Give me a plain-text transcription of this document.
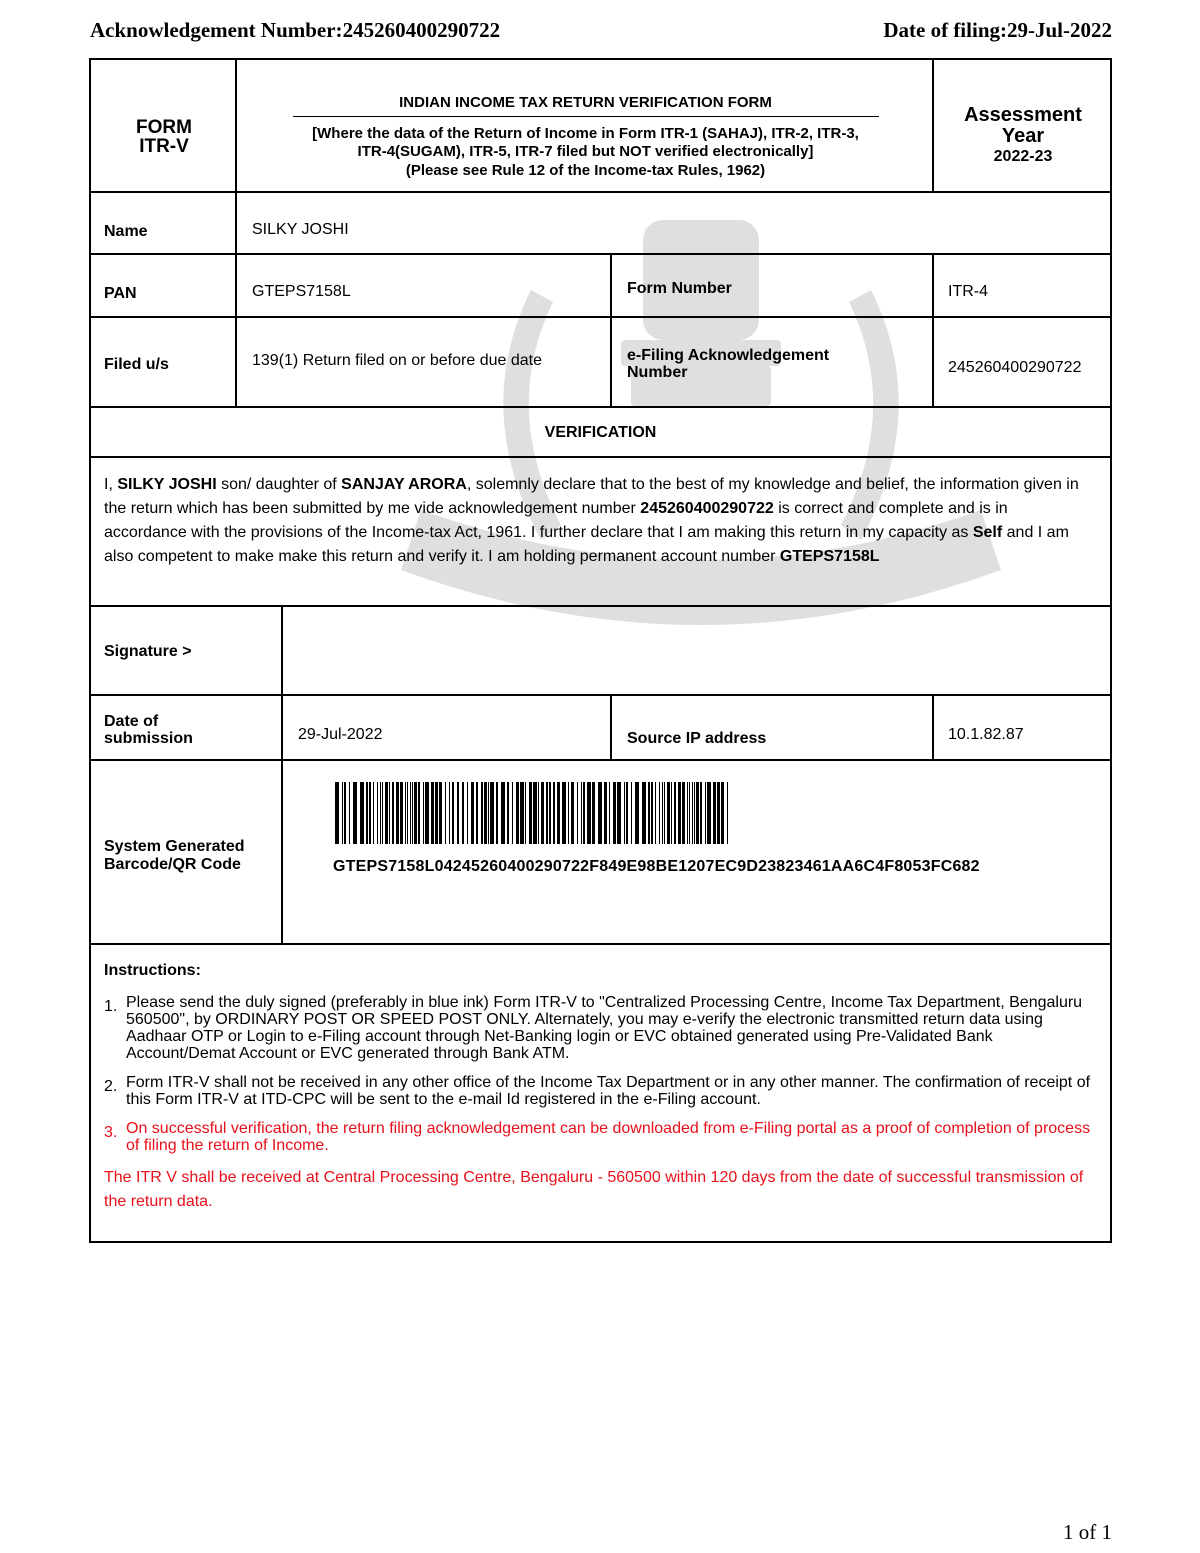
Acknowledgement Number:245260400290722	Date of filing:29-Jul-2022
FORM
ITR-V
INDIAN INCOME TAX RETURN VERIFICATION FORM
[Where the data of the Return of Income in Form ITR-1 (SAHAJ), ITR-2, ITR-3,
ITR-4(SUGAM), ITR-5, ITR-7 filed but NOT verified electronically]
(Please see Rule 12 of the Income-tax Rules, 1962)
Assessment
Year
2022-23
Name	SILKY JOSHI
PAN	GTEPS7158L	Form Number	ITR-4
Filed u/s	139(1) Return filed on or before due date	e-Filing Acknowledgement
Number	245260400290722
VERIFICATION
I, SILKY JOSHI son/ daughter of SANJAY ARORA, solemnly declare that to the best of my knowledge and belief, the information given in the return which has been submitted by me vide acknowledgement number 245260400290722 is correct and complete and is in accordance with the provisions of the Income-tax Act, 1961. I further declare that I am making this return in my capacity as Self and I am also competent to make make this return and verify it. I am holding permanent account number GTEPS7158L
Signature >
Date of
submission	29-Jul-2022	Source IP address	10.1.82.87
System Generated
Barcode/QR Code	GTEPS7158L04245260400290722F849E98BE1207EC9D23823461AA6C4F8053FC682
Instructions:
1. Please send the duly signed (preferably in blue ink) Form ITR-V to "Centralized Processing Centre, Income Tax Department, Bengaluru 560500", by ORDINARY POST OR SPEED POST ONLY. Alternately, you may e-verify the electronic transmitted return data using Aadhaar OTP or Login to e-Filing account through Net-Banking login or EVC obtained generated using Pre-Validated Bank Account/Demat Account or EVC generated through Bank ATM.
2. Form ITR-V shall not be received in any other office of the Income Tax Department or in any other manner. The confirmation of receipt of this Form ITR-V at ITD-CPC will be sent to the e-mail Id registered in the e-Filing account.
3. On successful verification, the return filing acknowledgement can be downloaded from e-Filing portal as a proof of completion of process of filing the return of Income.
The ITR V shall be received at Central Processing Centre, Bengaluru - 560500 within 120 days from the date of successful transmission of the return data.
1 of 1
